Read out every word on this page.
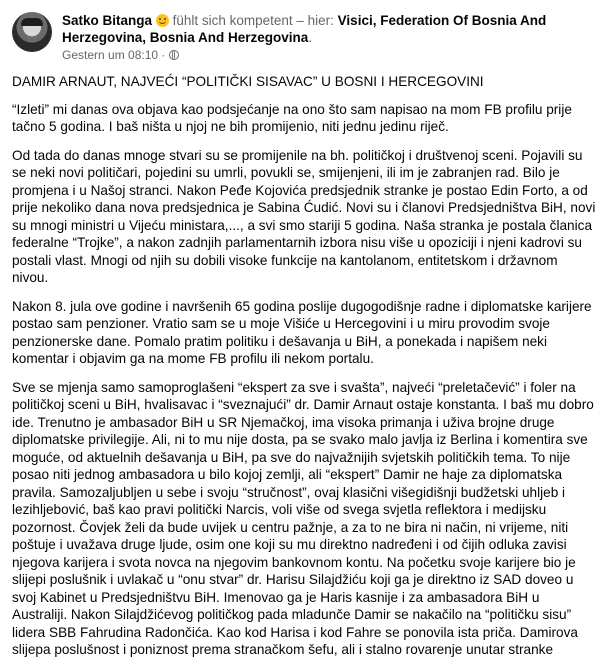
Satko Bitanga fühlt sich kompetent – hier: Visici, Federation Of Bosnia And Herzegovina, Bosnia And Herzegovina.
Gestern um 08:10 ·

DAMIR ARNAUT, NAJVEĆI “POLITIČKI SISAVAC” U BOSNI I HERCEGOVINI

“Izleti” mi danas ova objava kao podsjećanje na ono što sam napisao na mom FB profilu prije tačno 5 godina. I baš ništa u njoj ne bih promijenio, niti jednu jedinu riječ.

Od tada do danas mnoge stvari su se promijenile na bh. političkoj i društvenoj sceni. Pojavili su se neki novi političari, pojedini su umrli, povukli se, smijenjeni, ili im je zabranjen rad. Bilo je promjena i u Našoj stranci. Nakon Peđe Kojovića predsjednik stranke je postao Edin Forto, a od prije nekoliko dana nova predsjednica je Sabina Ćudić. Novi su i članovi Predsjedništva BiH, novi su mnogi ministri u Vijeću ministara,..., a svi smo stariji 5 godina. Naša stranka je postala članica federalne “Trojke”, a nakon zadnjih parlamentarnih izbora nisu više u opoziciji i njeni kadrovi su postali vlast. Mnogi od njih su dobili visoke funkcije na kantolanom, entitetskom i državnom nivou.

Nakon 8. jula ove godine i navršenih 65 godina poslije dugogodišnje radne i diplomatske karijere postao sam penzioner. Vratio sam se u moje Višiće u Hercegovini i u miru provodim svoje penzionerske dane. Pomalo pratim politiku i dešavanja u BiH, a ponekada i napišem neki komentar i objavim ga na mome FB profilu ili nekom portalu.

Sve se mjenja samo samoproglašeni “ekspert za sve i svašta”, najveći “preletačević” i foler na političkoj sceni u BiH, hvalisavac i “sveznajući” dr. Damir Arnaut ostaje konstanta. I baš mu dobro ide. Trenutno je ambasador BiH u SR Njemačkoj, ima visoka primanja i uživa brojne druge diplomatske privilegije. Ali, ni to mu nije dosta, pa se svako malo javlja iz Berlina i komentira sve moguće, od aktuelnih dešavanja u BiH, pa sve do najvažnijih svjetskih političkih tema. To nije posao niti jednog ambasadora u bilo kojoj zemlji, ali “ekspert” Damir ne haje za diplomatska pravila. Samozaljubljen u sebe i svoju “stručnost”, ovaj klasični višegidišnji budžetski uhljeb i lezihljebović, baš kao pravi politički Narcis, voli više od svega svjetla reflektora i medijsku pozornost. Čovjek želi da bude uvijek u centru pažnje, a za to ne bira ni način, ni vrijeme, niti poštuje i uvažava druge ljude, osim one koji su mu direktno nadređeni i od čijih odluka zavisi njegova karijera i svota novca na njegovim bankovnom kontu. Na početku svoje karijere bio je slijepi poslušnik i uvlakač u “onu stvar” dr. Harisu Silajdžiću koji ga je direktno iz SAD doveo u svoj Kabinet u Predsjedništvu BiH. Imenovao ga je Haris kasnije i za ambasadora BiH u Australiji. Nakon Silajdžićevog političkog pada mladunče Damir se nakačilo na “političku sisu” lidera SBB Fahrudina Radončića. Kao kod Harisa i kod Fahre se ponovila ista priča. Damirova slijepa poslušnost i poniznost prema stranačkom šefu, ali i stalno rovarenje unutar stranke
